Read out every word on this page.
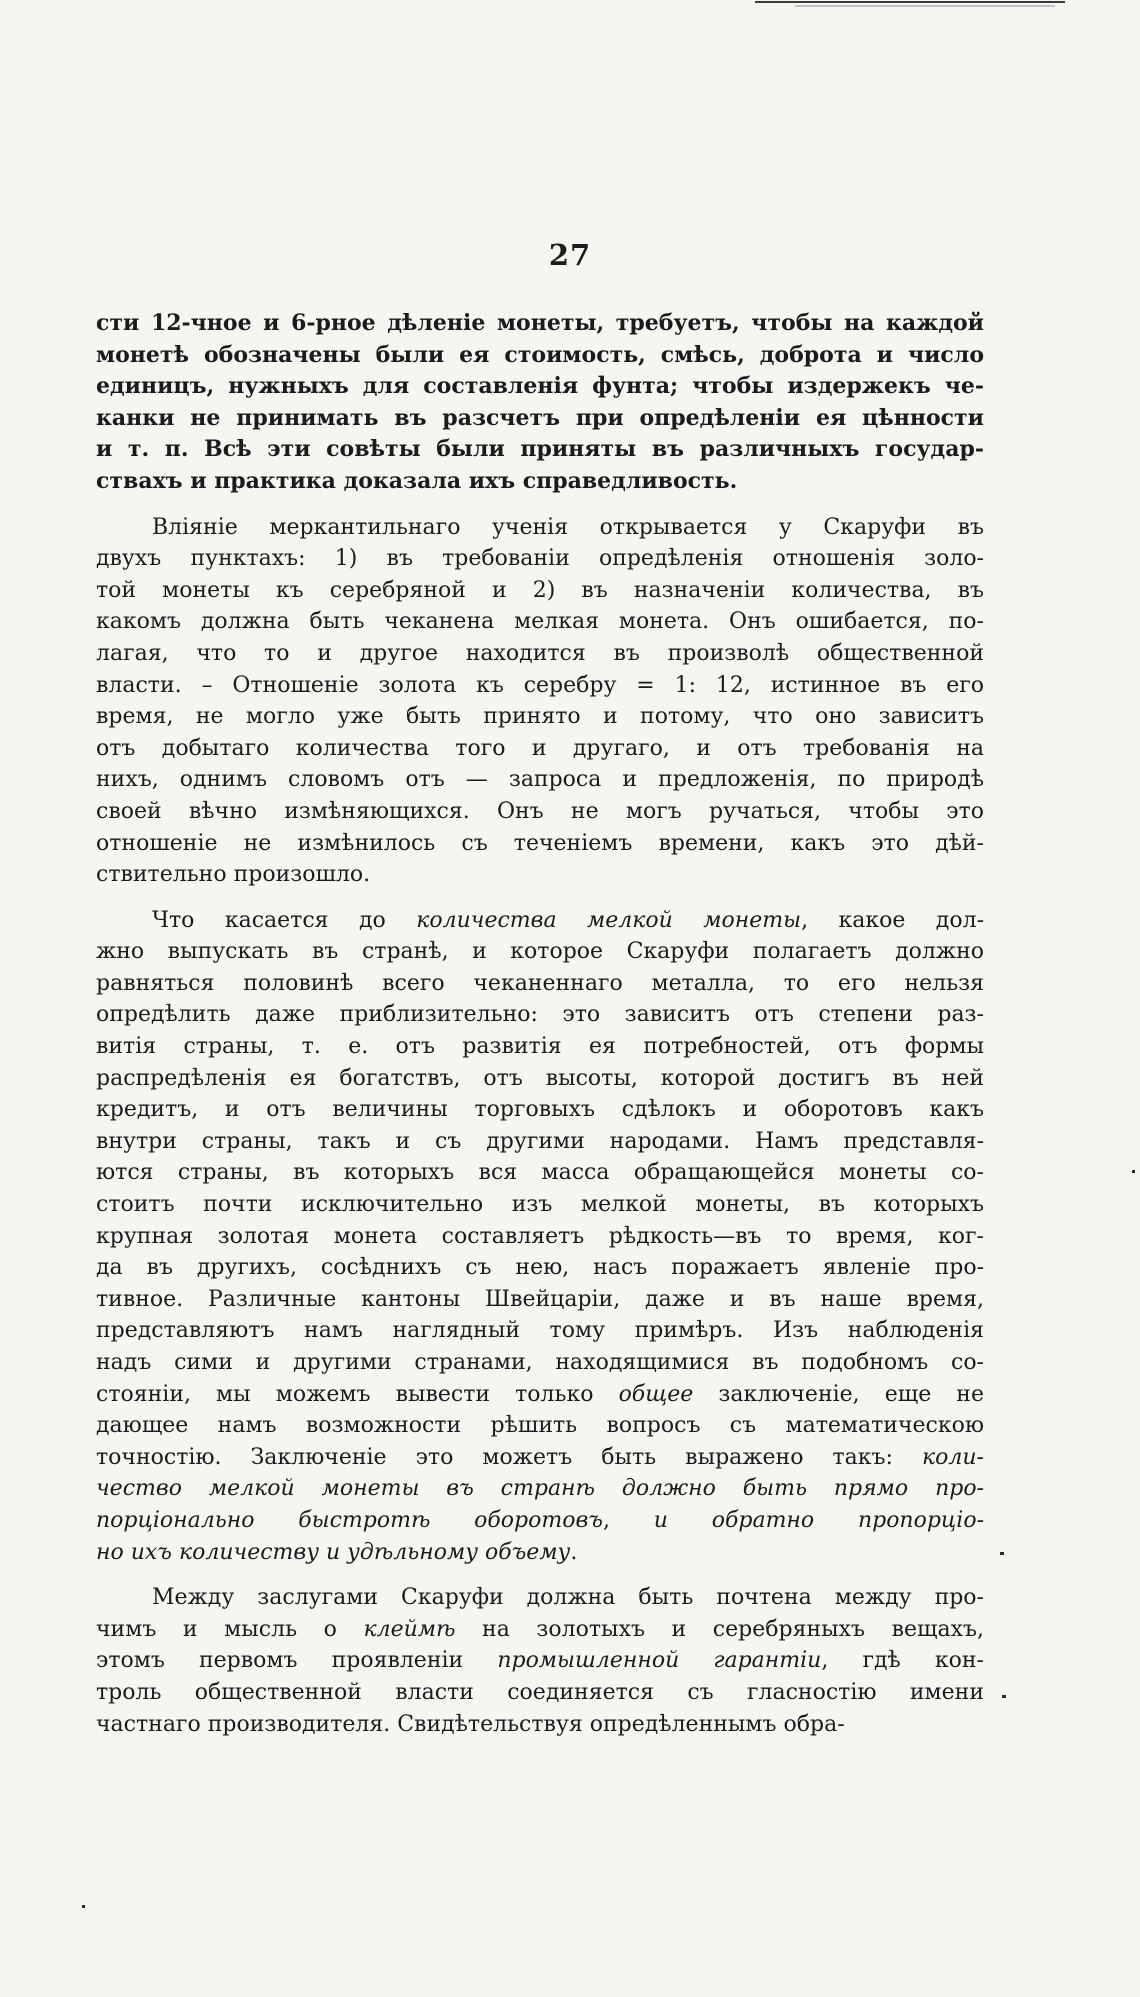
27
сти 12-чное и 6-рное дѣленіе монеты, требуетъ, чтобы на каждой
монетѣ обозначены были ея стоимость, смѣсь, доброта и число
единицъ, нужныхъ для составленія фунта; чтобы издержекъ че-
канки не принимать въ разсчетъ при опредѣленіи ея цѣнности
и т. п. Всѣ эти совѣты были приняты въ различныхъ государ-
ствахъ и практика доказала ихъ справедливость.
Вліяніе меркантильнаго ученія открывается у Скаруфи въ
двухъ пунктахъ: 1) въ требованіи опредѣленія отношенія золо-
той монеты къ серебряной и 2) въ назначеніи количества, въ
какомъ должна быть чеканена мелкая монета. Онъ ошибается, по-
лагая, что то и другое находится въ произволѣ общественной
власти. – Отношеніе золота къ серебру = 1: 12, истинное въ его
время, не могло уже быть принято и потому, что оно зависитъ
отъ добытаго количества того и другаго, и отъ требованія на
нихъ, однимъ словомъ отъ — запроса и предложенія, по природѣ
своей вѣчно измѣняющихся. Онъ не могъ ручаться, чтобы это
отношеніе не измѣнилось съ теченіемъ времени, какъ это дѣй-
ствительно произошло.
Что касается до количества мелкой монеты, какое дол-
жно выпускать въ странѣ, и которое Скаруфи полагаетъ должно
равняться половинѣ всего чеканеннаго металла, то его нельзя
опредѣлить даже приблизительно: это зависитъ отъ степени раз-
витія страны, т. е. отъ развитія ея потребностей, отъ формы
распредѣленія ея богатствъ, отъ высоты, которой достигъ въ ней
кредитъ, и отъ величины торговыхъ сдѣлокъ и оборотовъ какъ
внутри страны, такъ и съ другими народами. Намъ представля-
ются страны, въ которыхъ вся масса обращающейся монеты со-
стоитъ почти исключительно изъ мелкой монеты, въ которыхъ
крупная золотая монета составляетъ рѣдкость—въ то время, ког-
да въ другихъ, сосѣднихъ съ нею, насъ поражаетъ явленіе про-
тивное. Различные кантоны Швейцаріи, даже и въ наше время,
представляютъ намъ наглядный тому примѣръ. Изъ наблюденія
надъ сими и другими странами, находящимися въ подобномъ со-
стояніи, мы можемъ вывести только общее заключеніе, еще не
дающее намъ возможности рѣшить вопросъ съ математическою
точностію. Заключеніе это можетъ быть выражено такъ: коли-
чество мелкой монеты въ странѣ должно быть прямо про-
порціонально быстротѣ оборотовъ, и обратно пропорціо-
но ихъ количеству и удѣльному объему.
Между заслугами Скаруфи должна быть почтена между про-
чимъ и мысль о клеймѣ на золотыхъ и серебряныхъ вещахъ,
этомъ первомъ проявленіи промышленной гарантіи, гдѣ кон-
троль общественной власти соединяется съ гласностію имени
частнаго производителя. Свидѣтельствуя опредѣленнымъ обра-
